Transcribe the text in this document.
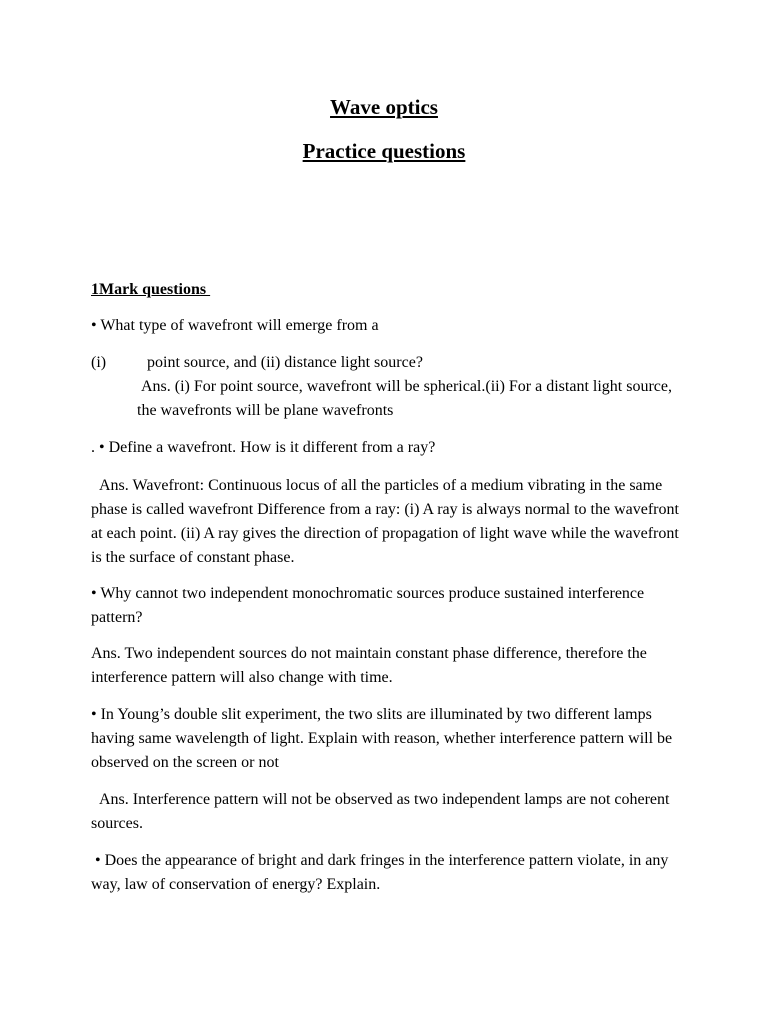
Wave optics
Practice questions
1Mark questions
• What type of wavefront will emerge from a
(i)	point source, and (ii) distance light source?
Ans. (i) For point source, wavefront will be spherical.(ii) For a distant light source, the wavefronts will be plane wavefronts
. • Define a wavefront. How is it different from a ray?
Ans. Wavefront: Continuous locus of all the particles of a medium vibrating in the same phase is called wavefront Difference from a ray: (i) A ray is always normal to the wavefront at each point. (ii) A ray gives the direction of propagation of light wave while the wavefront is the surface of constant phase.
• Why cannot two independent monochromatic sources produce sustained interference pattern?
Ans. Two independent sources do not maintain constant phase difference, therefore the interference pattern will also change with time.
• In Young’s double slit experiment, the two slits are illuminated by two different lamps having same wavelength of light. Explain with reason, whether interference pattern will be observed on the screen or not
Ans. Interference pattern will not be observed as two independent lamps are not coherent sources.
• Does the appearance of bright and dark fringes in the interference pattern violate, in any way, law of conservation of energy? Explain.
